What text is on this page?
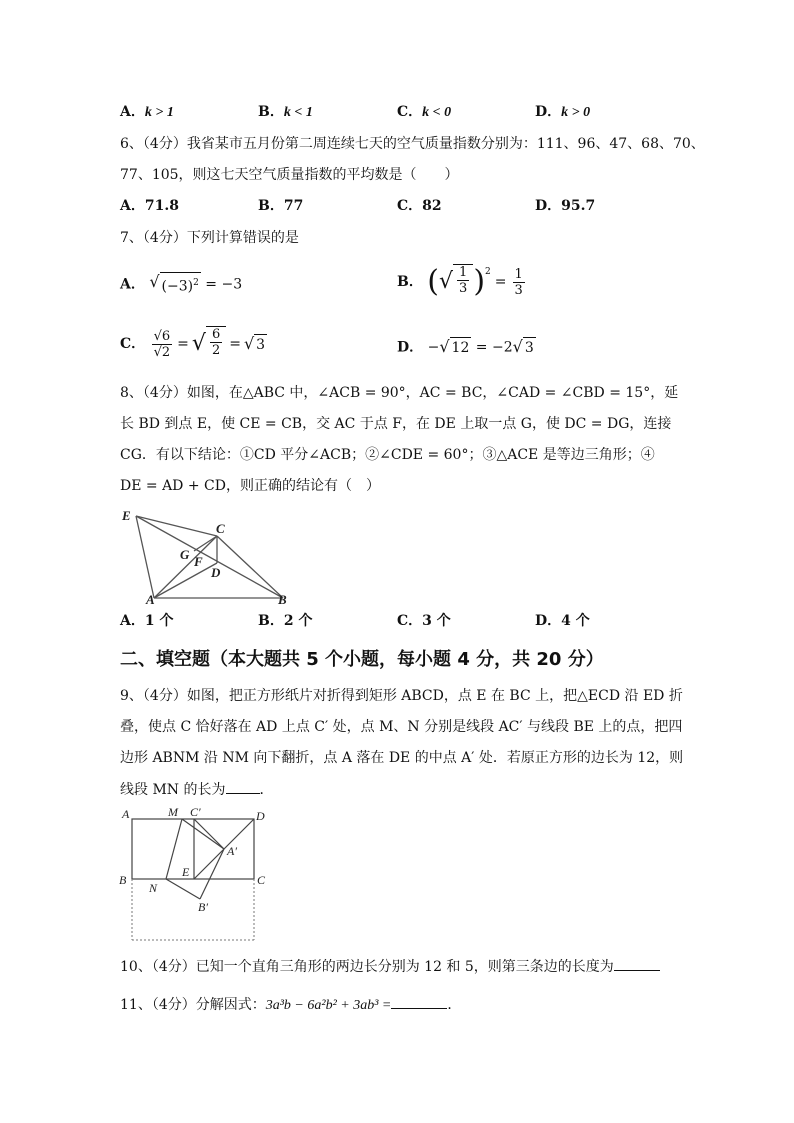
A．k > 1	B．k < 1	C．k < 0	D．k > 0
6、（4分）我省某市五月份第二周连续七天的空气质量指数分别为：111、96、47、68、70、
77、105，则这七天空气质量指数的平均数是（　　）
A．71.8	B．77	C．82	D．95.7
7、（4分）下列计算错误的是
A． √ $(-3)^2 = -3$	B． ( √ $\frac{1}{3} )^2$
= $\frac{1}{3}$
C． $\frac{√6}{√2}$ = √ $\frac{6}{2}$ = √ 3	D． − √ 12 = −2 √ 3
8、（4分）如图，在△ABC 中，∠ACB = 90°，AC = BC，∠CAD = ∠CBD = 15°，延
长 BD 到点 E，使 CE = CB，交 AC 于点 F，在 DE 上取一点 G，使 DC = DG，连接
CG．有以下结论：①CD 平分∠ACB；②∠CDE = 60°；③△ACE 是等边三角形；④
DE = AD + CD，则正确的结论有（　）
E
C
G F
D
A	B
A．1 个	B．2 个	C．3 个	D．4 个
二、填空题（本大题共 5 个小题，每小题 4 分，共 20 分）
9、（4分）如图，把正方形纸片对折得到矩形 ABCD，点 E 在 BC 上，把△ECD 沿 ED 折
叠，使点 C 恰好落在 AD 上点 C′ 处，点 M、N 分别是线段 AC′ 与线段 BE 上的点，把四
边形 ABNM 沿 NM 向下翻折，点 A 落在 DE 的中点 A′ 处．若原正方形的边长为 12，则
线段 MN 的长为 ．
A	M C′	D
A′
B
N
E
C
B′
10、（4分）已知一个直角三角形的两边长分别为 12 和 5，则第三条边的长度为
11、（4分）分解因式：3a³b − 6a²b² + 3ab³ =	．
